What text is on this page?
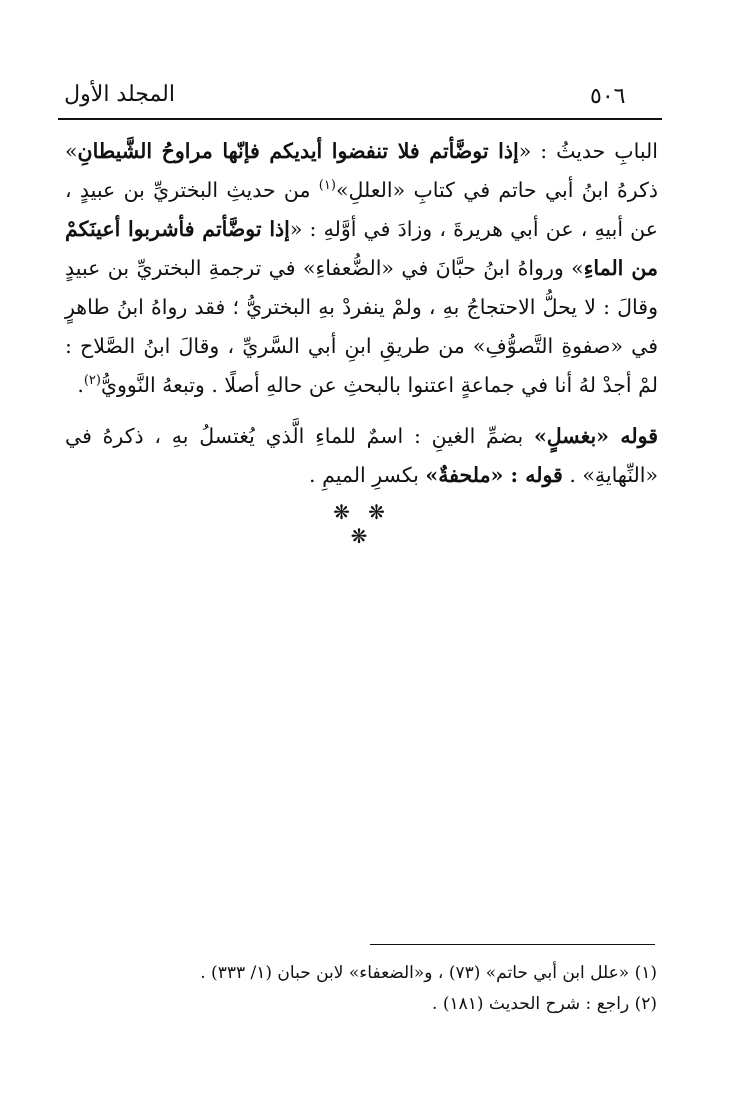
المجلد الأول	٥٠٦

البابِ حديثُ : «إذا توضَّأتم فلا تنفضوا أيديكم فإنّها مراوحُ الشَّيطانِ» ذكرهُ ابنُ أبي حاتم في كتابِ «العللِ»$^{(١)}$ من حديثِ البختريِّ بن عبيدٍ ، عن أبيهِ ، عن أبي هريرةَ ، وزادَ في أوَّلهِ : «إذا توضَّأتم فأشربوا أعينَكمْ من الماءِ» ورواهُ ابنُ حبَّانَ في «الضُّعفاءِ» في ترجمةِ البختريِّ بن عبيدٍ وقالَ : لا يحلُّ الاحتجاجُ بهِ ، ولمْ ينفردْ بهِ البختريُّ ؛ فقد رواهُ ابنُ طاهرٍ في «صفوةِ التَّصوُّفِ» من طريقِ ابنِ أبي السَّريِّ ، وقالَ ابنُ الصَّلاح : لمْ أجدْ لهُ أنا في جماعةٍ اعتنوا بالبحثِ عن حالهِ أصلًا . وتبعهُ النَّوويُّ$^{(٢)}$.

قوله «بغسلٍ» بضمِّ الغينِ : اسمٌ للماءِ الَّذي يُغتسلُ بهِ ، ذكرهُ في «النِّهايةِ» . قوله : «ملحفةٌ» بكسرِ الميمِ .

❋ ❋ ❋

(١) «علل ابن أبي حاتم» (٧٣) ، و«الضعفاء» لابن حبان (١/ ٣٣٣) .

(٢) راجع : شرح الحديث (١٨١) .
